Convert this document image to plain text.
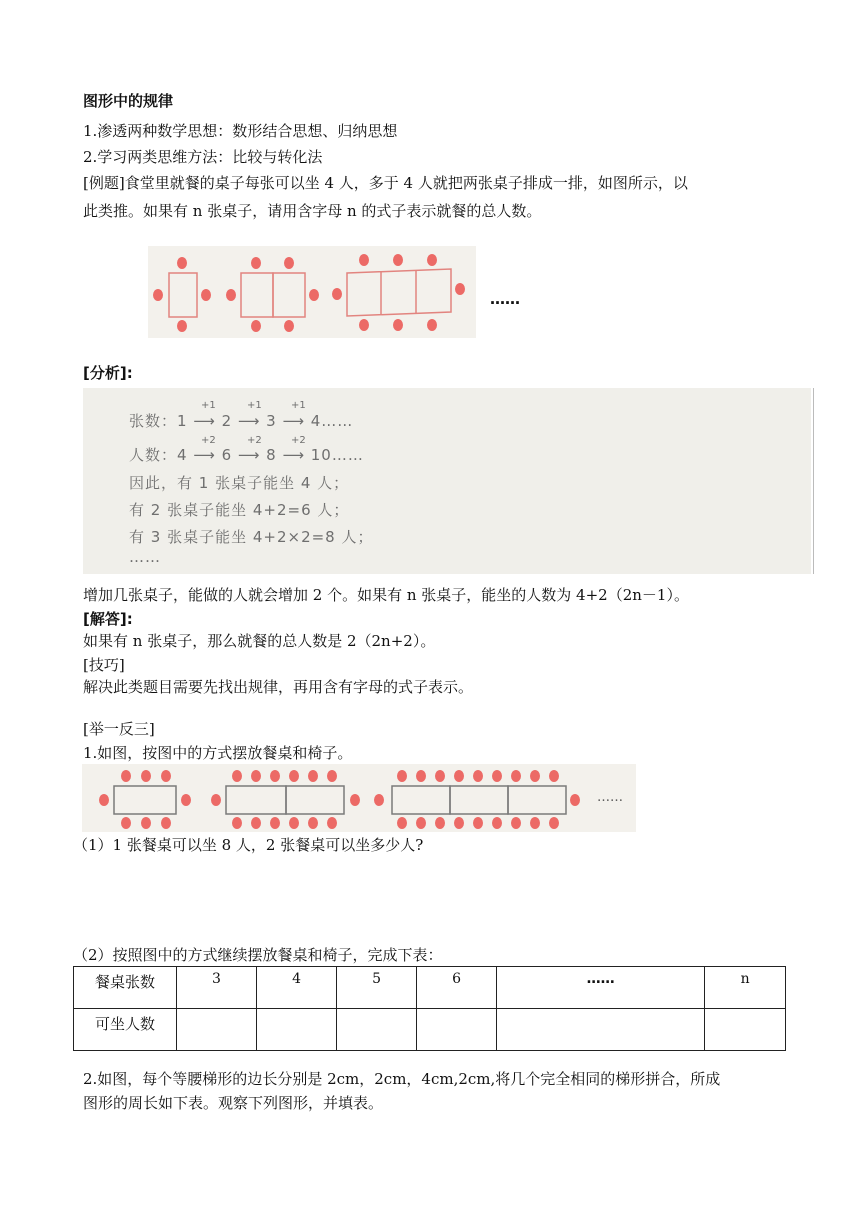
图形中的规律
1.渗透两种数学思想：数形结合思想、归纳思想
2.学习两类思维方法：比较与转化法
[例题]食堂里就餐的桌子每张可以坐 4 人，多于 4 人就把两张桌子排成一排，如图所示，以
此类推。如果有 n 张桌子，请用含字母 n 的式子表示就餐的总人数。
……
[分析]:
+1	+1	+1
张数：1 ⟶ 2 ⟶ 3 ⟶ 4……
+2	+2	+2
人数：4 ⟶ 6 ⟶ 8 ⟶ 10……
因此，有 1 张桌子能坐 4 人；
有 2 张桌子能坐 4+2=6 人；
有 3 张桌子能坐 4+2×2=8 人；
……
增加几张桌子，能做的人就会增加 2 个。如果有 n 张桌子，能坐的人数为 4+2（2n－1）。
[解答]:
如果有 n 张桌子，那么就餐的总人数是 2（2n+2）。
[技巧]
解决此类题目需要先找出规律，再用含有字母的式子表示。
[举一反三]
1.如图，按图中的方式摆放餐桌和椅子。
……
（1）1 张餐桌可以坐 8 人，2 张餐桌可以坐多少人?
（2）按照图中的方式继续摆放餐桌和椅子，完成下表：
餐桌张数	3	4	5	6	……	n
可坐人数						
2.如图，每个等腰梯形的边长分别是 2cm，2cm，4cm,2cm,将几个完全相同的梯形拼合，所成
图形的周长如下表。观察下列图形，并填表。
